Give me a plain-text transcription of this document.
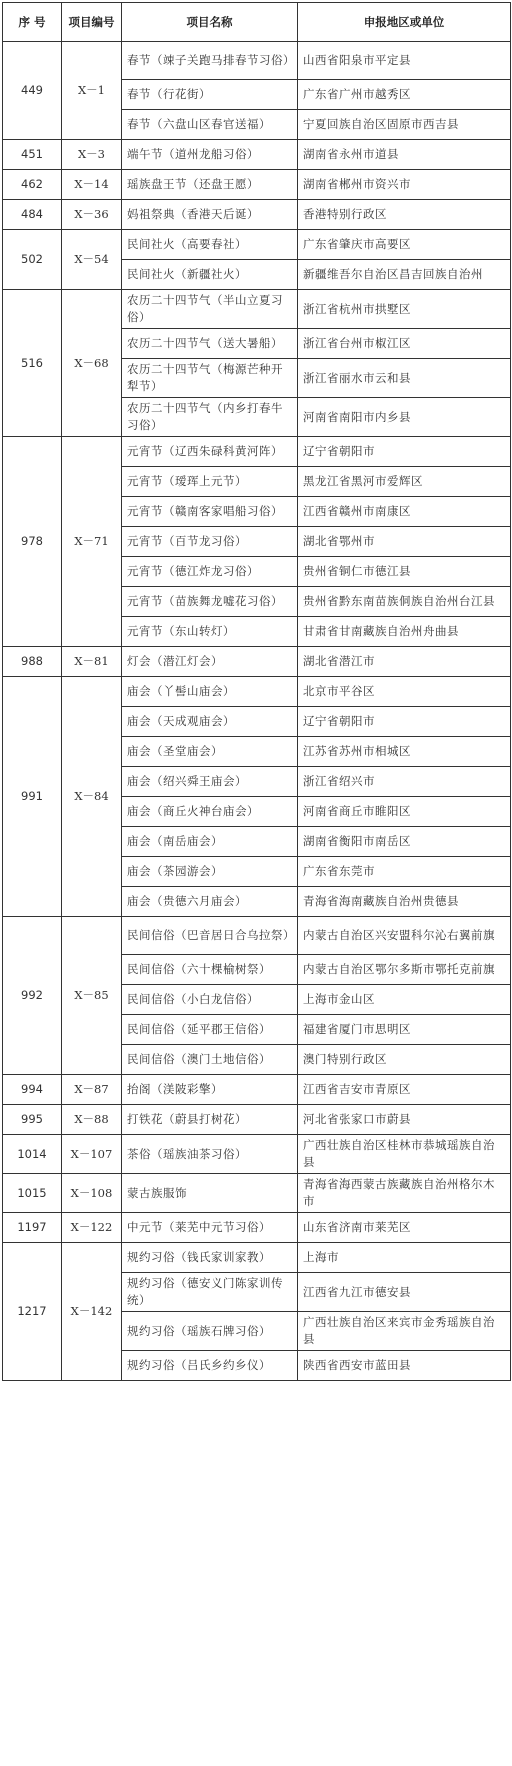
序 号	项目编号	项目名称	申报地区或单位
449	Ⅹ－1	春节（竦子关跑马排春节习俗）	山西省阳泉市平定县
		春节（行花街）	广东省广州市越秀区
		春节（六盘山区春官送福）	宁夏回族自治区固原市西吉县
451	Ⅹ－3	端午节（道州龙船习俗）	湖南省永州市道县
462	Ⅹ－14	瑶族盘王节（还盘王愿）	湖南省郴州市资兴市
484	Ⅹ－36	妈祖祭典（香港天后诞）	香港特别行政区
502	Ⅹ－54	民间社火（高要春社）	广东省肇庆市高要区
		民间社火（新疆社火）	新疆维吾尔自治区昌吉回族自治州
516	Ⅹ－68	农历二十四节气（半山立夏习俗）	浙江省杭州市拱墅区
		农历二十四节气（送大暑船）	浙江省台州市椒江区
		农历二十四节气（梅源芒种开犁节）	浙江省丽水市云和县
		农历二十四节气（内乡打春牛习俗）	河南省南阳市内乡县
978	Ⅹ－71	元宵节（辽西朱碌科黄河阵）	辽宁省朝阳市
		元宵节（瑷珲上元节）	黑龙江省黑河市爱辉区
		元宵节（赣南客家唱船习俗）	江西省赣州市南康区
		元宵节（百节龙习俗）	湖北省鄂州市
		元宵节（德江炸龙习俗）	贵州省铜仁市德江县
		元宵节（苗族舞龙嘘花习俗）	贵州省黔东南苗族侗族自治州台江县
		元宵节（东山转灯）	甘肃省甘南藏族自治州舟曲县
988	Ⅹ－81	灯会（潜江灯会）	湖北省潜江市
991	Ⅹ－84	庙会（丫髻山庙会）	北京市平谷区
		庙会（天成观庙会）	辽宁省朝阳市
		庙会（圣堂庙会）	江苏省苏州市相城区
		庙会（绍兴舜王庙会）	浙江省绍兴市
		庙会（商丘火神台庙会）	河南省商丘市睢阳区
		庙会（南岳庙会）	湖南省衡阳市南岳区
		庙会（茶园游会）	广东省东莞市
		庙会（贵德六月庙会）	青海省海南藏族自治州贵德县
992	Ⅹ－85	民间信俗（巴音居日合乌拉祭）	内蒙古自治区兴安盟科尔沁右翼前旗
		民间信俗（六十棵榆树祭）	内蒙古自治区鄂尔多斯市鄂托克前旗
		民间信俗（小白龙信俗）	上海市金山区
		民间信俗（延平郡王信俗）	福建省厦门市思明区
		民间信俗（澳门土地信俗）	澳门特别行政区
994	Ⅹ－87	抬阁（渼陂彩擎）	江西省吉安市青原区
995	Ⅹ－88	打铁花（蔚县打树花）	河北省张家口市蔚县
1014	Ⅹ－107	茶俗（瑶族油茶习俗）	广西壮族自治区桂林市恭城瑶族自治县
1015	Ⅹ－108	蒙古族服饰	青海省海西蒙古族藏族自治州格尔木市
1197	Ⅹ－122	中元节（莱芜中元节习俗）	山东省济南市莱芜区
1217	Ⅹ－142	规约习俗（钱氏家训家教）	上海市
		规约习俗（德安义门陈家训传统）	江西省九江市德安县
		规约习俗（瑶族石牌习俗）	广西壮族自治区来宾市金秀瑶族自治县
		规约习俗（吕氏乡约乡仪）	陕西省西安市蓝田县
